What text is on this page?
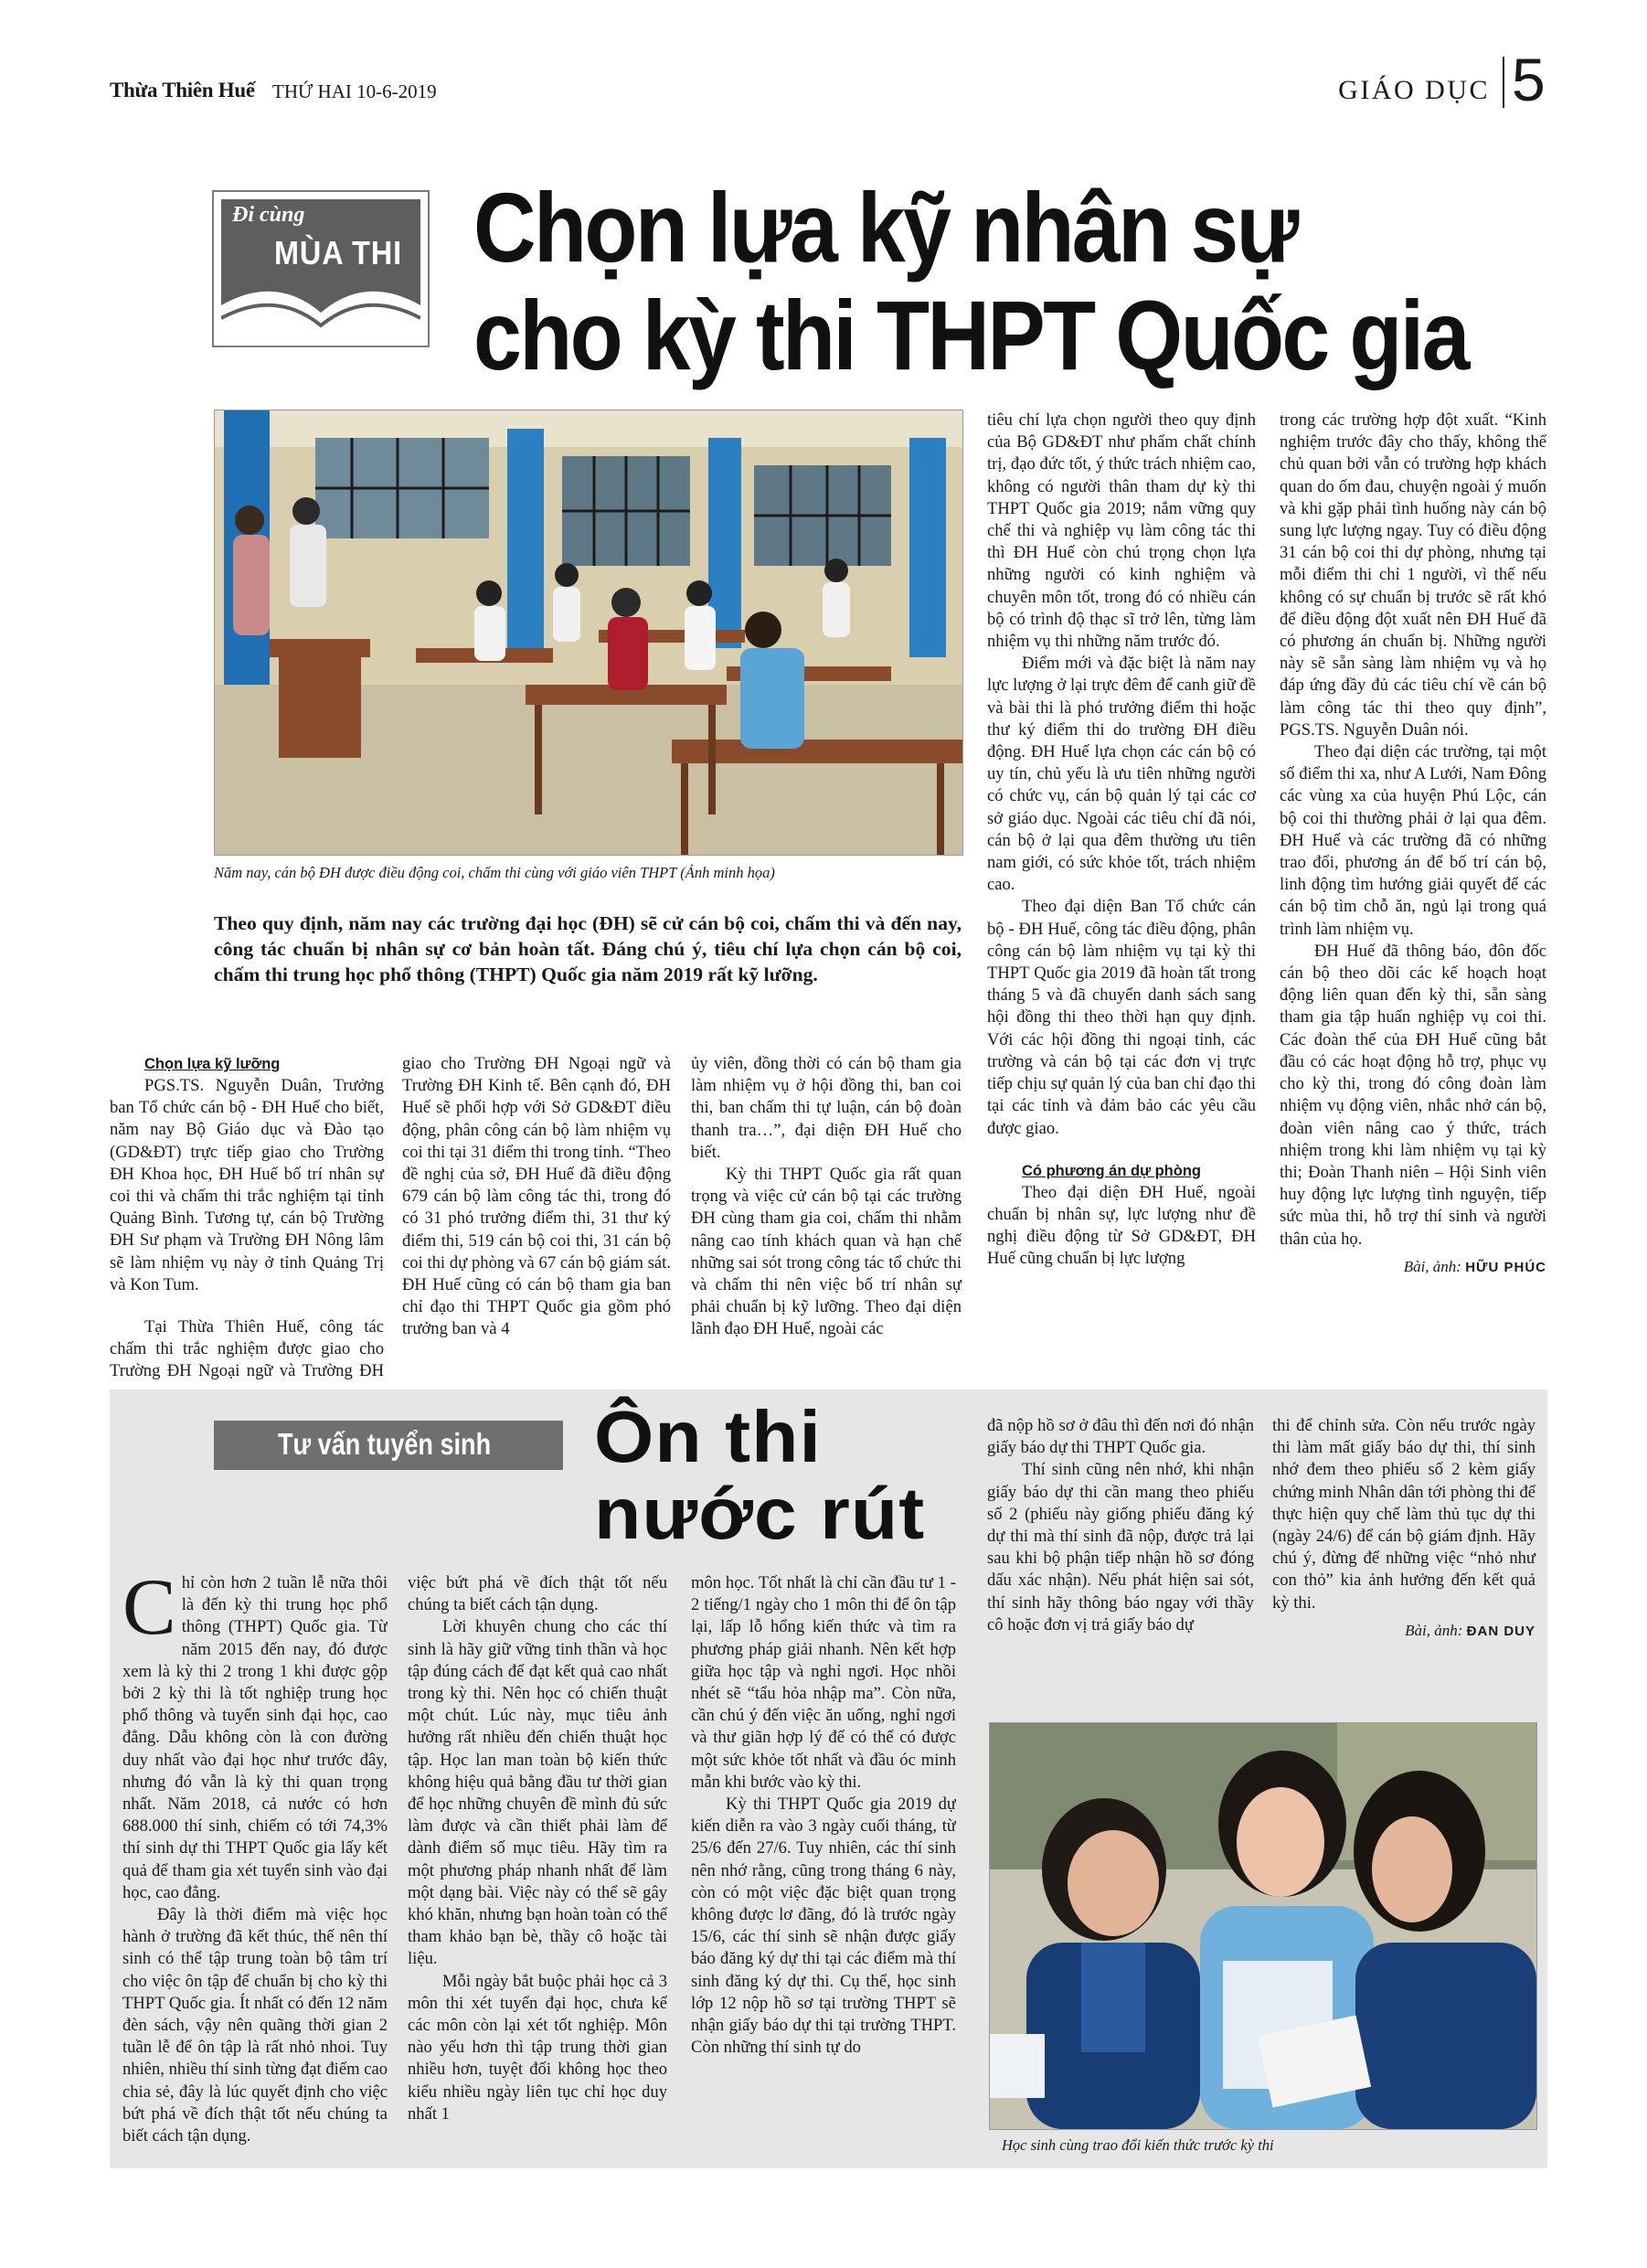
Thừa Thiên Huế THỨ HAI 10-6-2019	GIÁO DỤC 5
Đi cùng
MÙA THI Chọn lựa kỹ nhân sự
cho kỳ thi THPT Quốc gia
Năm nay, cán bộ ĐH được điều động coi, chấm thi cùng với giáo viên THPT (Ảnh minh họa)
Theo quy định, năm nay các trường đại học (ĐH) sẽ cử cán bộ coi, chấm thi và đến nay, công tác chuẩn bị nhân sự cơ bản hoàn tất. Đáng chú ý, tiêu chí lựa chọn cán bộ coi, chấm thi trung học phổ thông (THPT) Quốc gia năm 2019 rất kỹ lưỡng.

Chọn lựa kỹ lưỡng

PGS.TS. Nguyễn Duân, Trưởng ban Tổ chức cán bộ - ĐH Huế cho biết, năm nay Bộ Giáo dục và Đào tạo (GD&ĐT) trực tiếp giao cho Trường ĐH Khoa học, ĐH Huế bố trí nhân sự coi thi và chấm thi trắc nghiệm tại tỉnh Quảng Bình. Tương tự, cán bộ Trường ĐH Sư phạm và Trường ĐH Nông lâm sẽ làm nhiệm vụ này ở tỉnh Quảng Trị và Kon Tum.

Tại Thừa Thiên Huế, công tác chấm thi trắc nghiệm được giao cho Trường ĐH Ngoại ngữ và Trường ĐH

giao cho Trường ĐH Ngoại ngữ và Trường ĐH Kinh tế. Bên cạnh đó, ĐH Huế sẽ phối hợp với Sở GD&ĐT điều động, phân công cán bộ làm nhiệm vụ coi thi tại 31 điểm thi trong tỉnh. “Theo đề nghị của sở, ĐH Huế đã điều động 679 cán bộ làm công tác thi, trong đó có 31 phó trưởng điểm thi, 31 thư ký điểm thi, 519 cán bộ coi thi, 31 cán bộ coi thi dự phòng và 67 cán bộ giám sát. ĐH Huế cũng có cán bộ tham gia ban chỉ đạo thi THPT Quốc gia gồm phó trưởng ban và 4

ủy viên, đồng thời có cán bộ tham gia làm nhiệm vụ ở hội đồng thi, ban coi thi, ban chấm thi tự luận, cán bộ đoàn thanh tra…”, đại diện ĐH Huế cho biết.

Kỳ thi THPT Quốc gia rất quan trọng và việc cử cán bộ tại các trường ĐH cùng tham gia coi, chấm thi nhằm nâng cao tính khách quan và hạn chế những sai sót trong công tác tổ chức thi và chấm thi nên việc bố trí nhân sự phải chuẩn bị kỹ lưỡng. Theo đại diện lãnh đạo ĐH Huế, ngoài các

tiêu chí lựa chọn người theo quy định của Bộ GD&ĐT như phẩm chất chính trị, đạo đức tốt, ý thức trách nhiệm cao, không có người thân tham dự kỳ thi THPT Quốc gia 2019; nắm vững quy chế thi và nghiệp vụ làm công tác thi thì ĐH Huế còn chú trọng chọn lựa những người có kinh nghiệm và chuyên môn tốt, trong đó có nhiều cán bộ có trình độ thạc sĩ trở lên, từng làm nhiệm vụ thi những năm trước đó.

Điểm mới và đặc biệt là năm nay lực lượng ở lại trực đêm để canh giữ đề và bài thi là phó trưởng điểm thi hoặc thư ký điểm thi do trường ĐH điều động. ĐH Huế lựa chọn các cán bộ có uy tín, chủ yếu là ưu tiên những người có chức vụ, cán bộ quản lý tại các cơ sở giáo dục. Ngoài các tiêu chí đã nói, cán bộ ở lại qua đêm thường ưu tiên nam giới, có sức khỏe tốt, trách nhiệm cao.

Theo đại diện Ban Tổ chức cán bộ - ĐH Huế, công tác điều động, phân công cán bộ làm nhiệm vụ tại kỳ thi THPT Quốc gia 2019 đã hoàn tất trong tháng 5 và đã chuyển danh sách sang hội đồng thi theo thời hạn quy định. Với các hội đồng thi ngoại tỉnh, các trường và cán bộ tại các đơn vị trực tiếp chịu sự quản lý của ban chỉ đạo thi tại các tỉnh và đảm bảo các yêu cầu được giao.

Có phương án dự phòng

Theo đại diện ĐH Huế, ngoài chuẩn bị nhân sự, lực lượng như đề nghị điều động từ Sở GD&ĐT, ĐH Huế cũng chuẩn bị lực lượng

trong các trường hợp đột xuất. “Kinh nghiệm trước đây cho thấy, không thể chủ quan bởi vẫn có trường hợp khách quan do ốm đau, chuyện ngoài ý muốn và khi gặp phải tình huống này cán bộ sung lực lượng ngay. Tuy có điều động 31 cán bộ coi thi dự phòng, nhưng tại mỗi điểm thi chỉ 1 người, vì thế nếu không có sự chuẩn bị trước sẽ rất khó để điều động đột xuất nên ĐH Huế đã có phương án chuẩn bị. Những người này sẽ sẵn sàng làm nhiệm vụ và họ đáp ứng đầy đủ các tiêu chí về cán bộ làm công tác thi theo quy định”, PGS.TS. Nguyễn Duân nói.

Theo đại diện các trường, tại một số điểm thi xa, như A Lưới, Nam Đông các vùng xa của huyện Phú Lộc, cán bộ coi thi thường phải ở lại qua đêm. ĐH Huế và các trường đã có những trao đổi, phương án để bố trí cán bộ, linh động tìm hướng giải quyết để các cán bộ tìm chỗ ăn, ngủ lại trong quá trình làm nhiệm vụ.

ĐH Huế đã thông báo, đôn đốc cán bộ theo dõi các kế hoạch hoạt động liên quan đến kỳ thi, sẵn sàng tham gia tập huấn nghiệp vụ coi thi. Các đoàn thể của ĐH Huế cũng bắt đầu có các hoạt động hỗ trợ, phục vụ cho kỳ thi, trong đó công đoàn làm nhiệm vụ động viên, nhắc nhở cán bộ, đoàn viên nâng cao ý thức, trách nhiệm trong khi làm nhiệm vụ tại kỳ thi; Đoàn Thanh niên – Hội Sinh viên huy động lực lượng tình nguyện, tiếp sức mùa thi, hỗ trợ thí sinh và người thân của họ.

Bài, ảnh: HỮU PHÚC
Tư vấn tuyển sinh Ôn thi
nước rút

Chỉ còn hơn 2 tuần lễ nữa thôi là đến kỳ thi trung học phổ thông (THPT) Quốc gia. Từ năm 2015 đến nay, đó được xem là kỳ thi 2 trong 1 khi được gộp bởi 2 kỳ thi là tốt nghiệp trung học phổ thông và tuyển sinh đại học, cao đẳng. Dẫu không còn là con đường duy nhất vào đại học như trước đây, nhưng đó vẫn là kỳ thi quan trọng nhất. Năm 2018, cả nước có hơn 688.000 thí sinh, chiếm có tới 74,3% thí sinh dự thi THPT Quốc gia lấy kết quả để tham gia xét tuyển sinh vào đại học, cao đẳng.

Đây là thời điểm mà việc học hành ở trường đã kết thúc, thế nên thí sinh có thể tập trung toàn bộ tâm trí cho việc ôn tập để chuẩn bị cho kỳ thi THPT Quốc gia. Ít nhất có đến 12 năm đèn sách, vậy nên quãng thời gian 2 tuần lễ để ôn tập là rất nhỏ nhoi. Tuy nhiên, nhiều thí sinh từng đạt điểm cao chia sẻ, đây là lúc quyết định cho việc bứt phá về đích thật tốt nếu chúng ta biết cách tận dụng.

việc bứt phá về đích thật tốt nếu chúng ta biết cách tận dụng.

Lời khuyên chung cho các thí sinh là hãy giữ vững tinh thần và học tập đúng cách để đạt kết quả cao nhất trong kỳ thi. Nên học có chiến thuật một chút. Lúc này, mục tiêu ảnh hưởng rất nhiều đến chiến thuật học tập. Học lan man toàn bộ kiến thức không hiệu quả bằng đầu tư thời gian để học những chuyên đề mình đủ sức làm được và cần thiết phải làm để dành điểm số mục tiêu. Hãy tìm ra một phương pháp nhanh nhất để làm một dạng bài. Việc này có thể sẽ gây khó khăn, nhưng bạn hoàn toàn có thể tham khảo bạn bè, thầy cô hoặc tài liệu.

Mỗi ngày bắt buộc phải học cả 3 môn thi xét tuyển đại học, chưa kể các môn còn lại xét tốt nghiệp. Môn nào yếu hơn thì tập trung thời gian nhiều hơn, tuyệt đối không học theo kiểu nhiều ngày liên tục chỉ học duy nhất 1

môn học. Tốt nhất là chỉ cần đầu tư 1 - 2 tiếng/1 ngày cho 1 môn thi để ôn tập lại, lấp lỗ hổng kiến thức và tìm ra phương pháp giải nhanh. Nên kết hợp giữa học tập và nghỉ ngơi. Học nhồi nhét sẽ “tẩu hỏa nhập ma”. Còn nữa, cần chú ý đến việc ăn uống, nghỉ ngơi và thư giãn hợp lý để có thể có được một sức khỏe tốt nhất và đầu óc minh mẫn khi bước vào kỳ thi.

Kỳ thi THPT Quốc gia 2019 dự kiến diễn ra vào 3 ngày cuối tháng, từ 25/6 đến 27/6. Tuy nhiên, các thí sinh nên nhớ rằng, cũng trong tháng 6 này, còn có một việc đặc biệt quan trọng không được lơ đãng, đó là trước ngày 15/6, các thí sinh sẽ nhận được giấy báo đăng ký dự thi tại các điểm mà thí sinh đăng ký dự thi. Cụ thể, học sinh lớp 12 nộp hồ sơ tại trường THPT sẽ nhận giấy báo dự thi tại trường THPT. Còn những thí sinh tự do

đã nộp hồ sơ ở đâu thì đến nơi đó nhận giấy báo dự thi THPT Quốc gia.

Thí sinh cũng nên nhớ, khi nhận giấy báo dự thi cần mang theo phiếu số 2 (phiếu này giống phiếu đăng ký dự thi mà thí sinh đã nộp, được trả lại sau khi bộ phận tiếp nhận hồ sơ đóng dấu xác nhận). Nếu phát hiện sai sót, thí sinh hãy thông báo ngay với thầy cô hoặc đơn vị trả giấy báo dự

thi để chỉnh sửa. Còn nếu trước ngày thi làm mất giấy báo dự thi, thí sinh nhớ đem theo phiếu số 2 kèm giấy chứng minh Nhân dân tới phòng thi để thực hiện quy chế làm thủ tục dự thi (ngày 24/6) để cán bộ giám định. Hãy chú ý, đừng để những việc “nhỏ như con thỏ” kia ảnh hưởng đến kết quả kỳ thi.

Bài, ảnh: ĐAN DUY
Học sinh cùng trao đổi kiến thức trước kỳ thi
